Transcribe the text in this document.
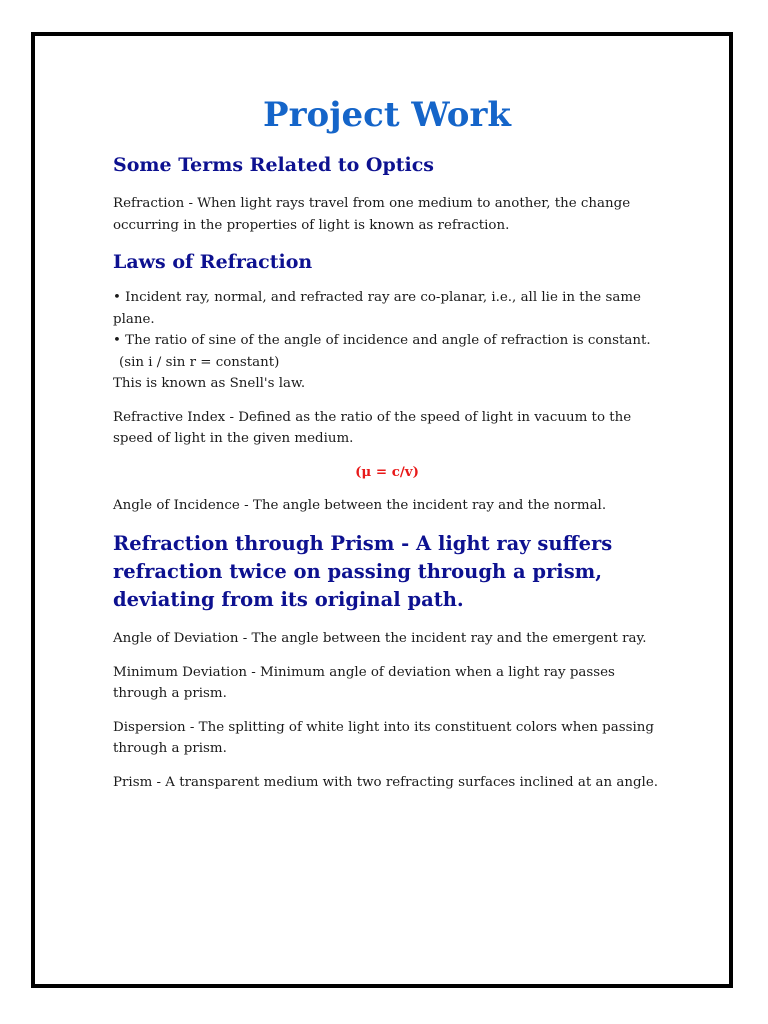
Project Work
Some Terms Related to Optics

Refraction - When light rays travel from one medium to another, the change occurring in the properties of light is known as refraction.

Laws of Refraction

• Incident ray, normal, and refracted ray are co-planar, i.e., all lie in the same plane.

• The ratio of sine of the angle of incidence and angle of refraction is constant.

(sin i / sin r = constant)

This is known as Snell's law.

Refractive Index - Defined as the ratio of the speed of light in vacuum to the speed of light in the given medium.

(μ = c/v)

Angle of Incidence - The angle between the incident ray and the normal.

Refraction through Prism - A light ray suffers refraction twice on passing through a prism, deviating from its original path.

Angle of Deviation - The angle between the incident ray and the emergent ray.

Minimum Deviation - Minimum angle of deviation when a light ray passes through a prism.

Dispersion - The splitting of white light into its constituent colors when passing through a prism.

Prism - A transparent medium with two refracting surfaces inclined at an angle.
